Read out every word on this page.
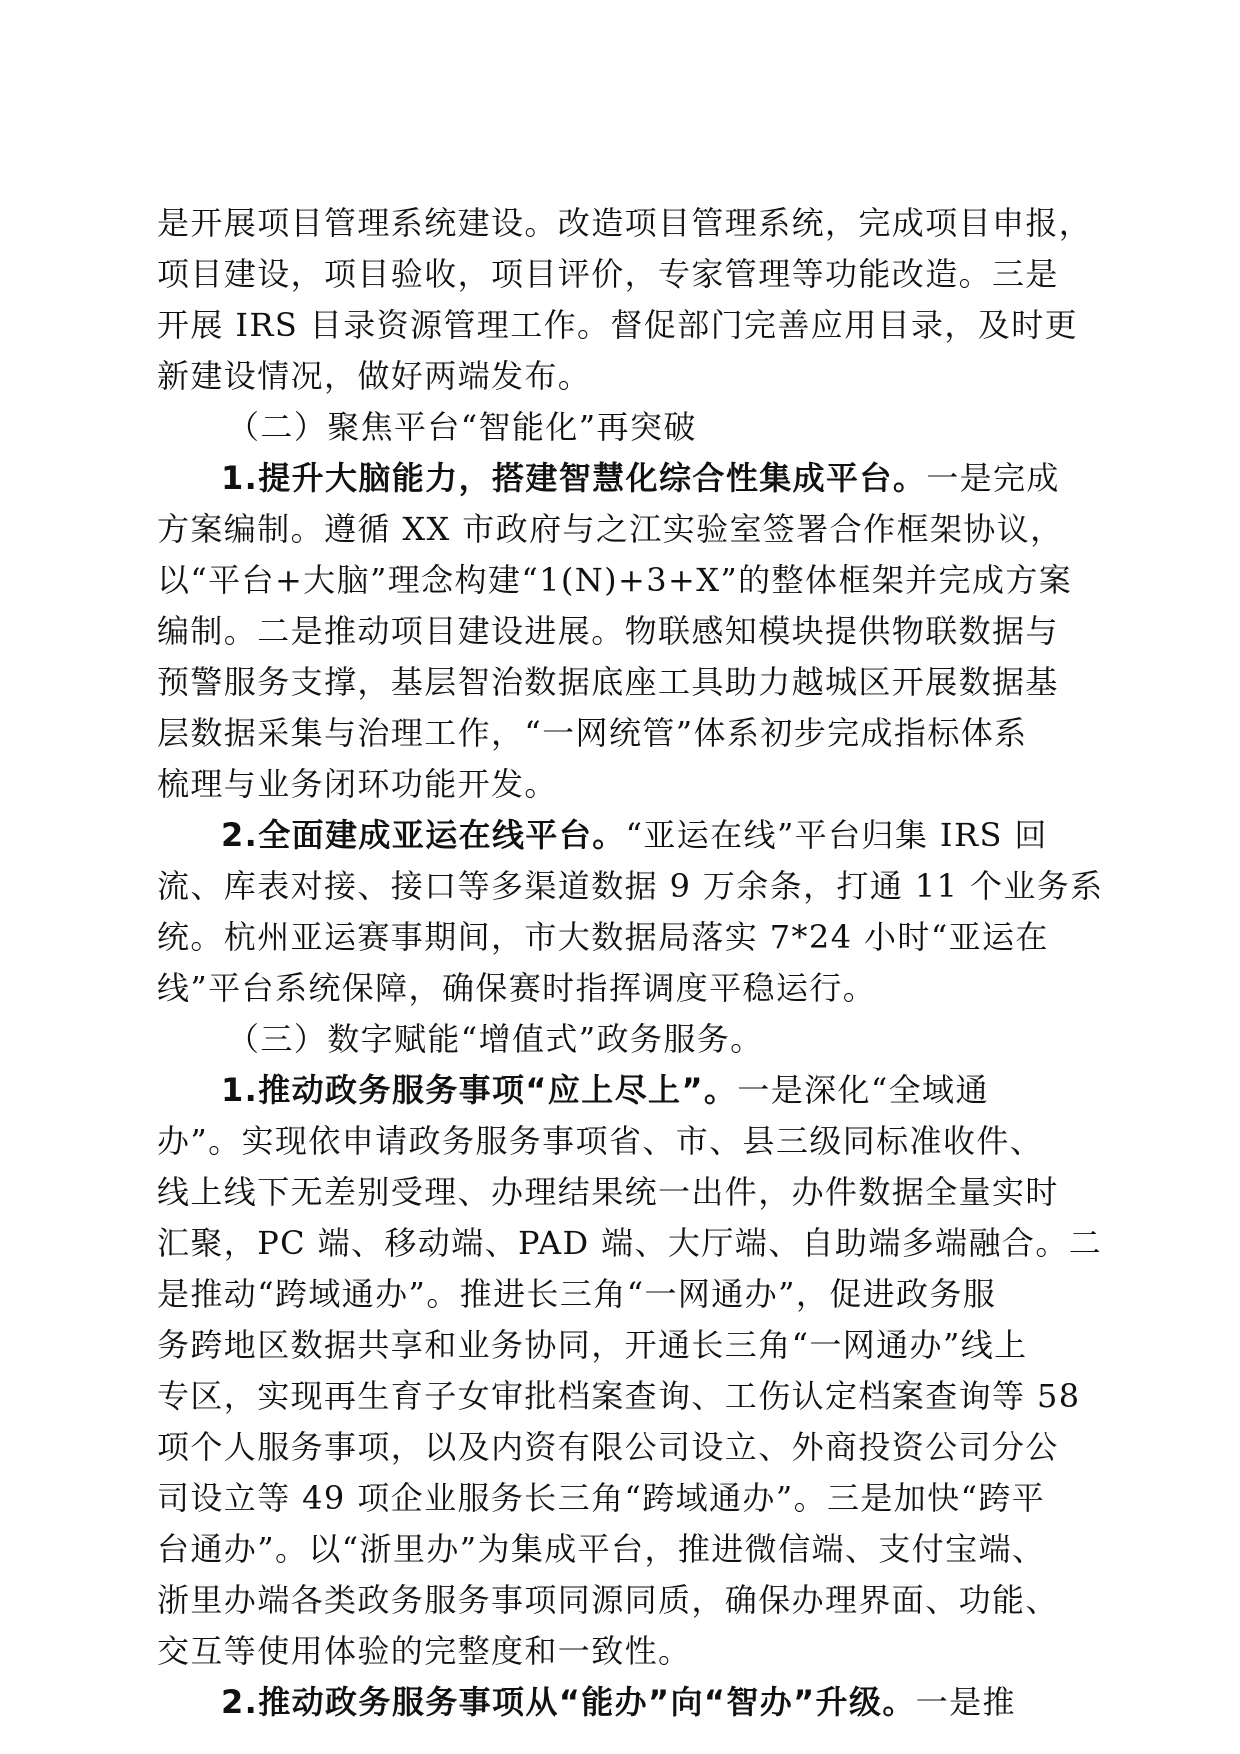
是开展项目管理系统建设。改造项目管理系统，完成项目申报，
项目建设，项目验收，项目评价，专家管理等功能改造。三是
开展 IRS 目录资源管理工作。督促部门完善应用目录，及时更
新建设情况，做好两端发布。
（二）聚焦平台“智能化”再突破
1.提升大脑能力，搭建智慧化综合性集成平台。一是完成
方案编制。遵循 XX 市政府与之江实验室签署合作框架协议，
以“平台+大脑”理念构建“1(N)+3+X”的整体框架并完成方案
编制。二是推动项目建设进展。物联感知模块提供物联数据与
预警服务支撑，基层智治数据底座工具助力越城区开展数据基
层数据采集与治理工作，“一网统管”体系初步完成指标体系
梳理与业务闭环功能开发。
2.全面建成亚运在线平台。“亚运在线”平台归集 IRS 回
流、库表对接、接口等多渠道数据 9 万余条，打通 11 个业务系
统。杭州亚运赛事期间，市大数据局落实 7*24 小时“亚运在
线”平台系统保障，确保赛时指挥调度平稳运行。
（三）数字赋能“增值式”政务服务。
1.推动政务服务事项“应上尽上”。一是深化“全域通
办”。实现依申请政务服务事项省、市、县三级同标准收件、
线上线下无差别受理、办理结果统一出件，办件数据全量实时
汇聚，PC 端、移动端、PAD 端、大厅端、自助端多端融合。二
是推动“跨域通办”。推进长三角“一网通办”，促进政务服
务跨地区数据共享和业务协同，开通长三角“一网通办”线上
专区，实现再生育子女审批档案查询、工伤认定档案查询等 58
项个人服务事项，以及内资有限公司设立、外商投资公司分公
司设立等 49 项企业服务长三角“跨域通办”。三是加快“跨平
台通办”。以“浙里办”为集成平台，推进微信端、支付宝端、
浙里办端各类政务服务事项同源同质，确保办理界面、功能、
交互等使用体验的完整度和一致性。
2.推动政务服务事项从“能办”向“智办”升级。一是推
